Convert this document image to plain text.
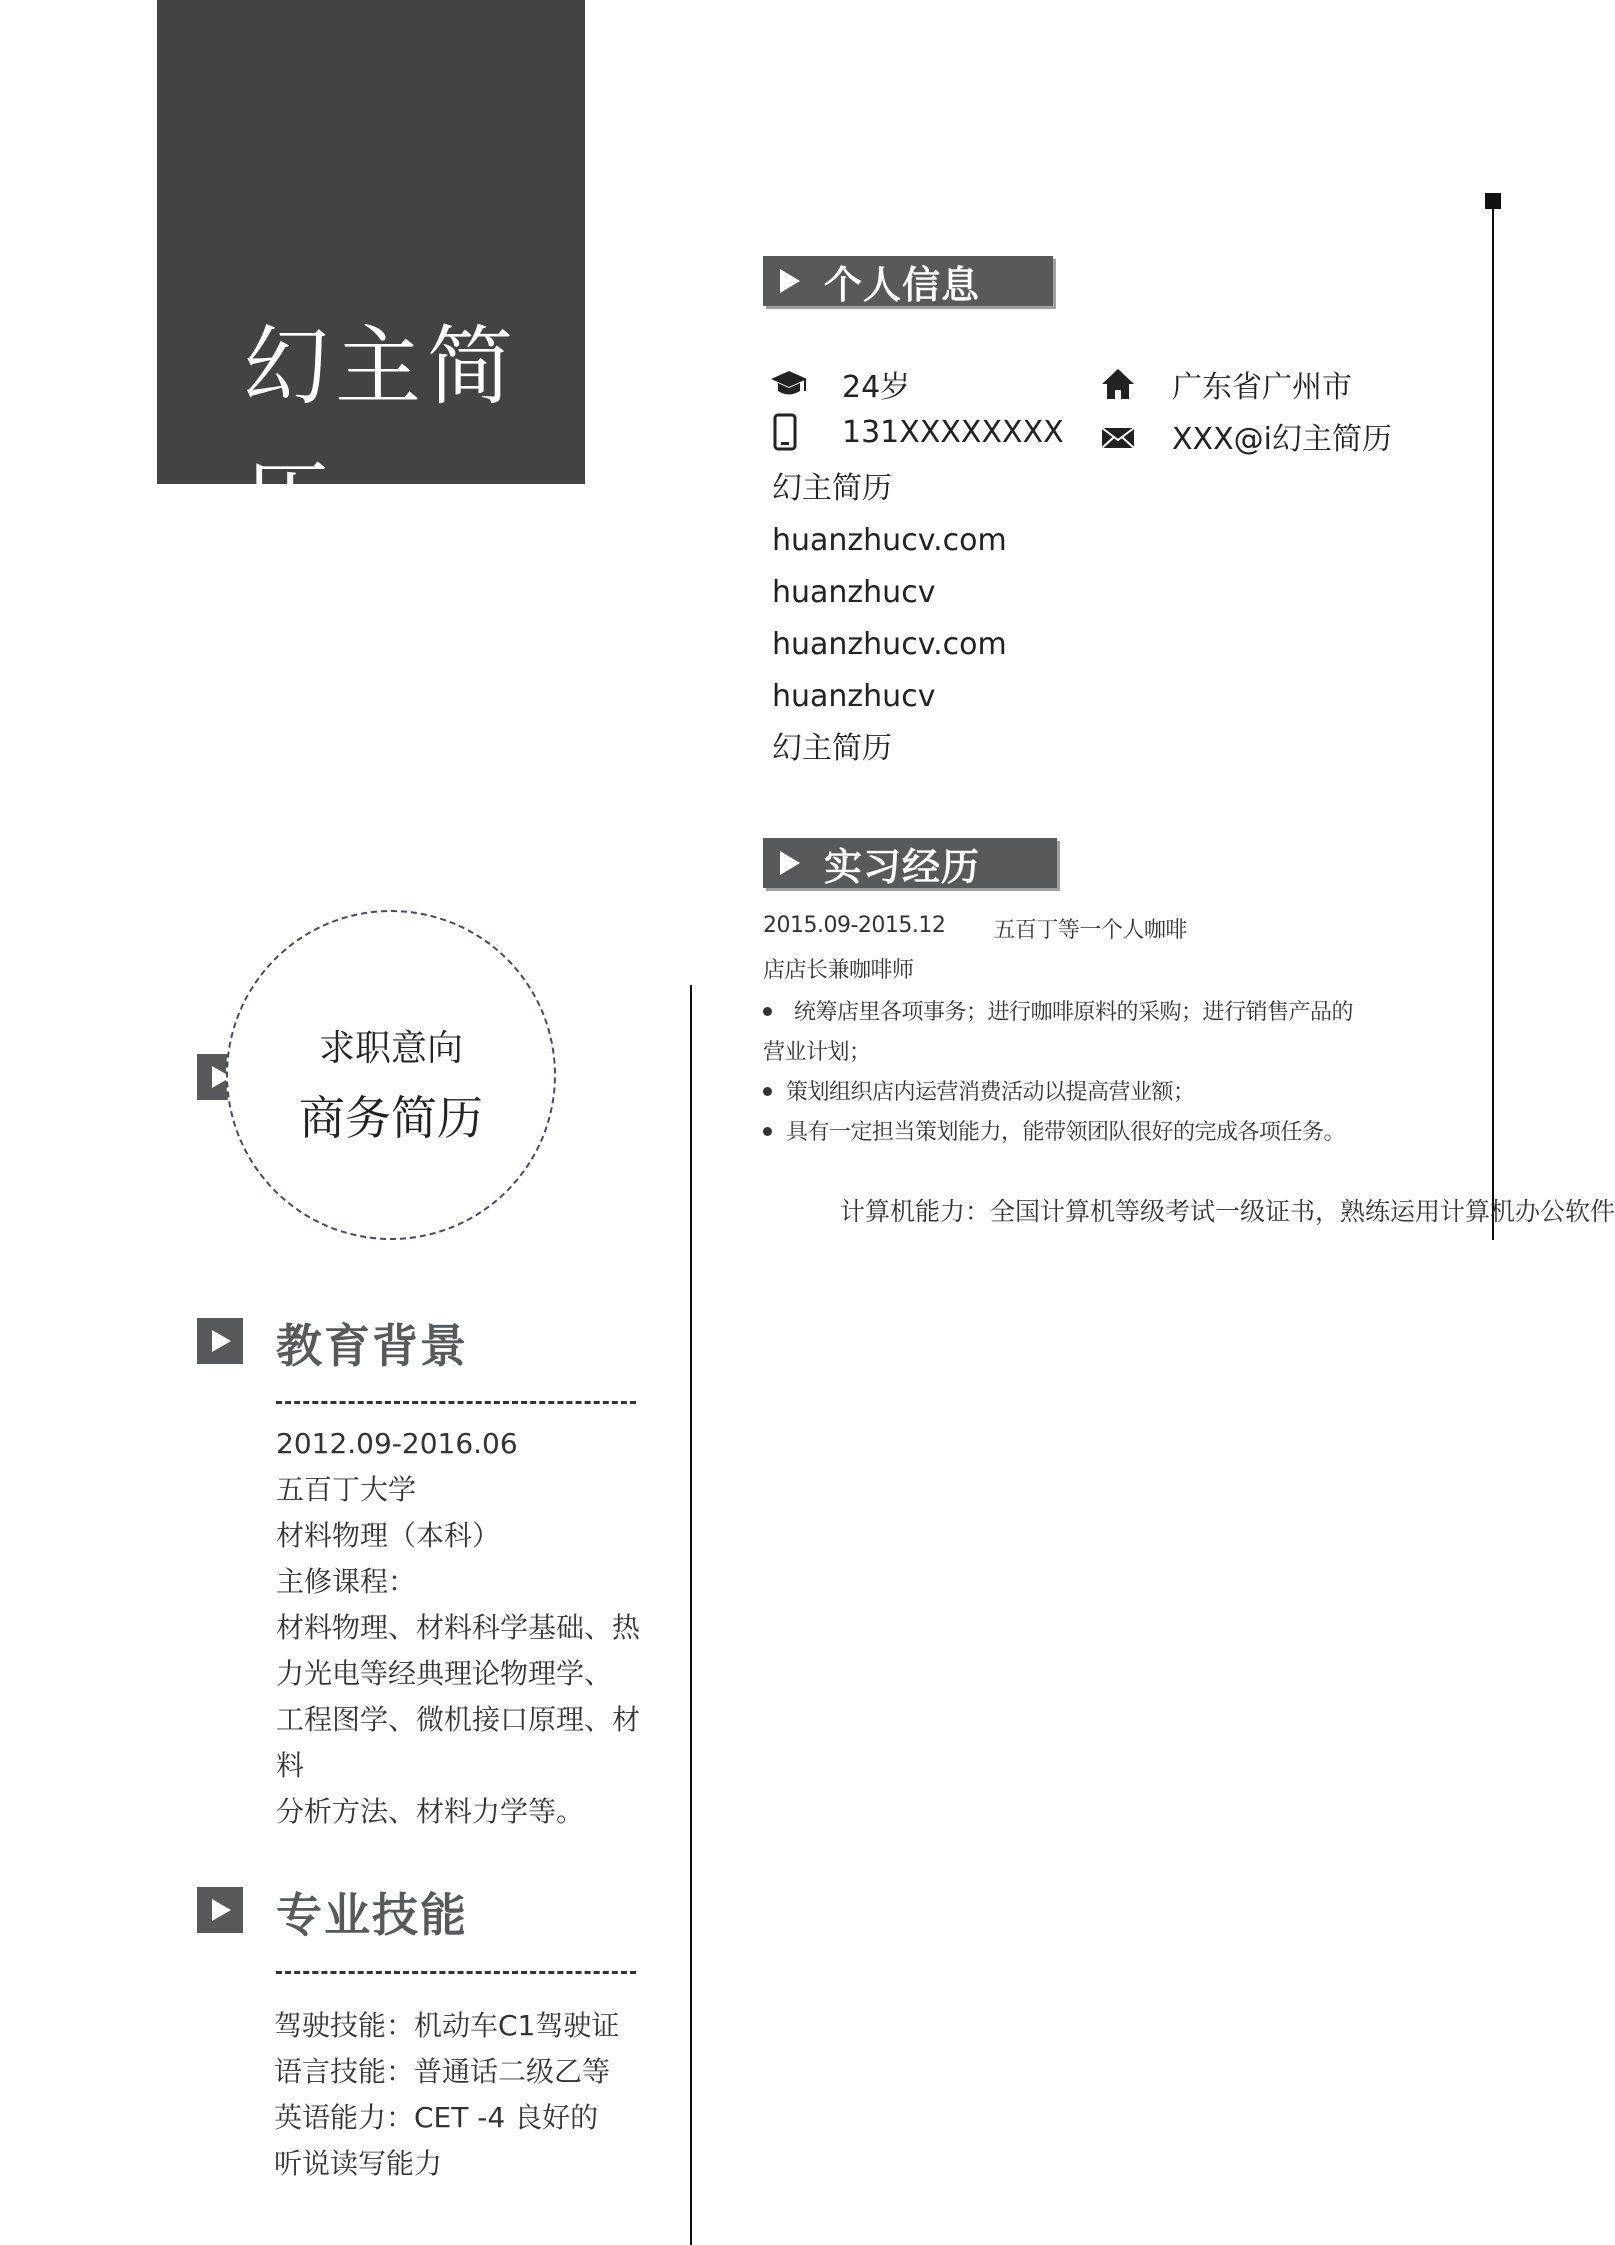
幻主简历
个人信息
24岁	广东省广州市
131XXXXXXXX	XXX@i幻主简历
幻主简历
huanzhucv.com
huanzhucv
huanzhucv.com
huanzhucv
幻主简历
实习经历
2015.09-2015.12 五百丁等一个人咖啡
店店长兼咖啡师
统筹店里各项事务；进行咖啡原料的采购；进行销售产品的
营业计划；
策划组织店内运营消费活动以提高营业额；
具有一定担当策划能力，能带领团队很好的完成各项任务。
计算机能力：全国计算机等级考试一级证书，熟练运用计算机办公软件
求职意向
商务简历
教育背景
2012.09-2016.06
五百丁大学
材料物理（本科）
主修课程：
材料物理、材料科学基础、热
力光电等经典理论物理学、
工程图学、微机接口原理、材料
分析方法、材料力学等。
专业技能
驾驶技能：机动车C1驾驶证
语言技能：普通话二级乙等
英语能力：CET -4 良好的
听说读写能力
